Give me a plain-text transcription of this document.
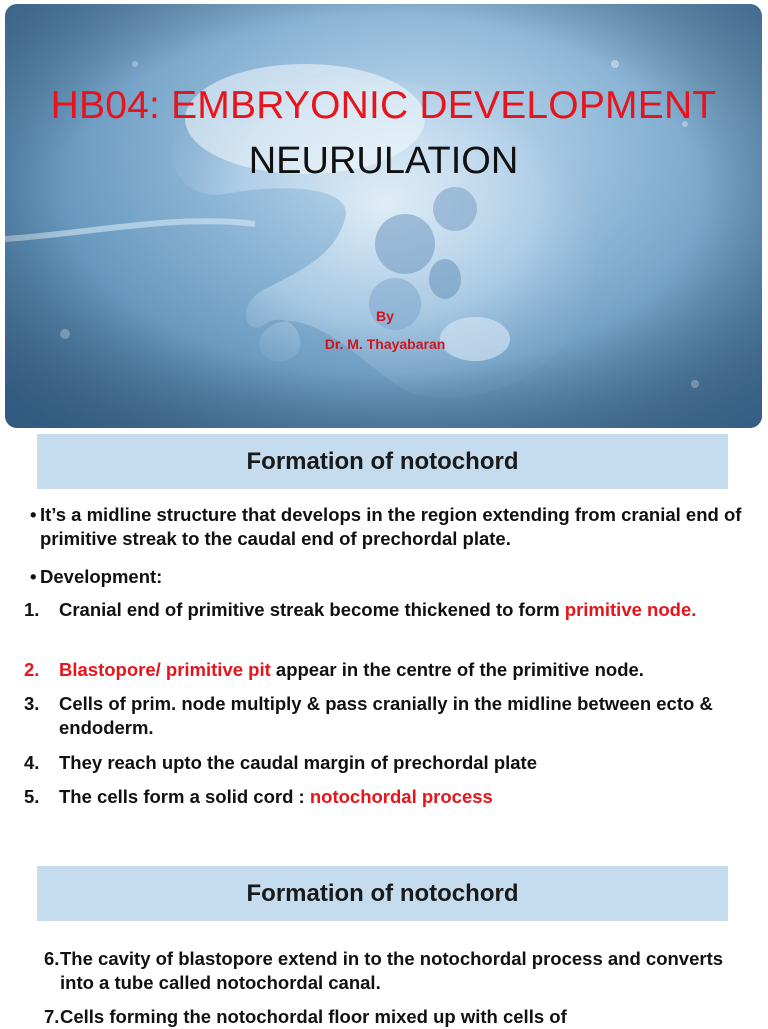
HB04: EMBRYONIC DEVELOPMENT
NEURULATION
By
Dr. M. Thayabaran
Formation of notochord
• It’s a midline structure that develops in the region extending from cranial end of primitive streak to the caudal end of prechordal plate.
• Development:
1. Cranial end of primitive streak become thickened to form primitive node.
2. Blastopore/ primitive pit appear in the centre of the primitive node.
3. Cells of prim. node multiply & pass cranially in the midline between ecto & endoderm.
4. They reach upto the caudal margin of prechordal plate
5. The cells form a solid cord : notochordal process
Formation of notochord
6. The cavity of blastopore extend in to the notochordal process and converts into a tube called notochordal canal.
7. Cells forming the notochordal floor mixed up with cells of
